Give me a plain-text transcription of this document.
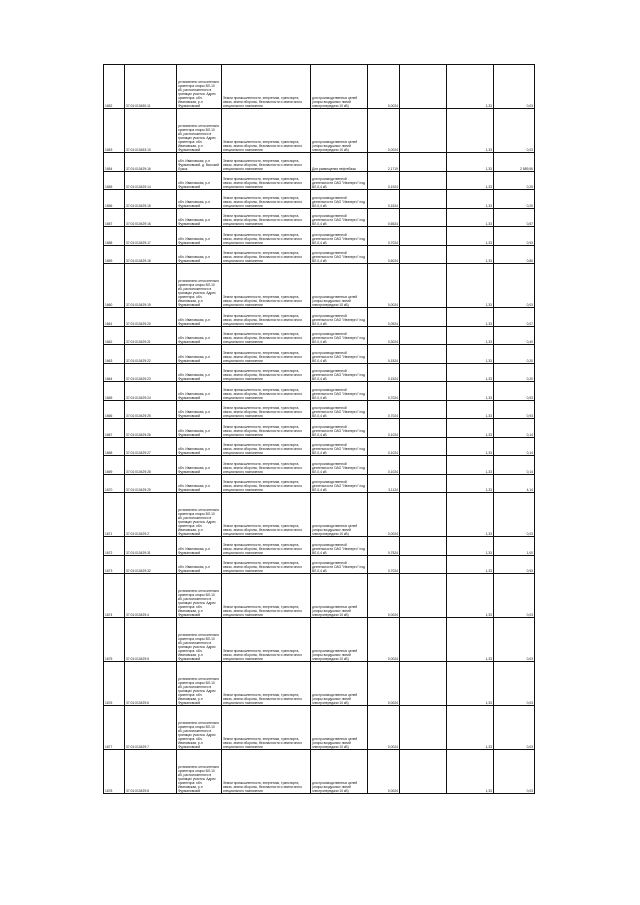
1652	37:01:010450:11	установлено относительно ориентира опоры ВЛ-10 кВ, расположенного в границах участка. Адрес ориентира: обл. Ивановская, р-н Фурмановский	Земли промышленности, энергетики, транспорта, связи, земли обороны, безопасности и земли иного специального назначения	для производственных целей (опоры воздушных линий электропередачи 10 кВ)	0,0024		1,33	0,03
1653	37:01:010453:10	установлено относительно ориентира опоры ВЛ-10 кВ, расположенного в границах участка. Адрес ориентира: обл. Ивановская, р-н Фурмановский	Земли промышленности, энергетики, транспорта, связи, земли обороны, безопасности и земли иного специального назначения	для производственных целей (опоры воздушных линий электропередачи 10 кВ)	0,0024		1,33	0,03
1654	37:01:010429:16	обл. Ивановская, р-н Фурмановский, д. Высокий Лужок	Земли промышленности, энергетики, транспорта, связи, земли обороны, безопасности и земли иного специального назначения	Для размещения нефтебазы	2,1719		1,33	2 889,56
1655	37:01:010429:14	обл. Ивановская, р-н Фурмановский	Земли промышленности, энергетики, транспорта, связи, земли обороны, безопасности и земли иного специального назначения	для производственной деятельности ОАО "Ивэнерго" под ВЛ-0,4 кВ	0,1924		1,33	0,25
1656	37:01:010429:15	обл. Ивановская, р-н Фурмановский	Земли промышленности, энергетики, транспорта, связи, земли обороны, безопасности и земли иного специального назначения	для производственной деятельности ОАО "Ивэнерго" под ВЛ-0,4 кВ	0,1524		1,33	0,20
1657	37:01:010429:16	обл. Ивановская, р-н Фурмановский	Земли промышленности, энергетики, транспорта, связи, земли обороны, безопасности и земли иного специального назначения	для производственной деятельности ОАО "Ивэнерго" под ВЛ-0,4 кВ	0,6524		1,33	0,87
1658	37:01:010429:17	обл. Ивановская, р-н Фурмановский	Земли промышленности, энергетики, транспорта, связи, земли обороны, безопасности и земли иного специального назначения	для производственной деятельности ОАО "Ивэнерго" под ВЛ-0,4 кВ	0,7024		1,33	0,93
1659	37:01:010429:18	обл. Ивановская, р-н Фурмановский	Земли промышленности, энергетики, транспорта, связи, земли обороны, безопасности и земли иного специального назначения	для производственной деятельности ОАО "Ивэнерго" под ВЛ-0,4 кВ	0,6024		1,33	0,80
1660	37:01:010429:19	установлено относительно ориентира опоры ВЛ-10 кВ, расположенного в границах участка. Адрес ориентира: обл. Ивановская, р-н Фурмановский	Земли промышленности, энергетики, транспорта, связи, земли обороны, безопасности и земли иного специального назначения	для производственных целей (опоры воздушных линий электропередачи 10 кВ)	0,0024		1,33	0,03
1661	37:01:010429:20	обл. Ивановская, р-н Фурмановский	Земли промышленности, энергетики, транспорта, связи, земли обороны, безопасности и земли иного специального назначения	для производственной деятельности ОАО "Ивэнерго" под ВЛ-0,4 кВ	0,0524		1,33	0,07
1662	37:01:010429:21	обл. Ивановская, р-н Фурмановский	Земли промышленности, энергетики, транспорта, связи, земли обороны, безопасности и земли иного специального назначения	для производственной деятельности ОАО "Ивэнерго" под ВЛ-0,4 кВ	0,3024		1,33	0,40
1663	37:01:010429:22	обл. Ивановская, р-н Фурмановский	Земли промышленности, энергетики, транспорта, связи, земли обороны, безопасности и земли иного специального назначения	для производственной деятельности ОАО "Ивэнерго" под ВЛ-0,4 кВ	0,1524		1,33	0,20
1664	37:01:010429:23	обл. Ивановская, р-н Фурмановский	Земли промышленности, энергетики, транспорта, связи, земли обороны, безопасности и земли иного специального назначения	для производственной деятельности ОАО "Ивэнерго" под ВЛ-0,4 кВ	0,1524		1,33	0,20
1665	37:01:010429:24	обл. Ивановская, р-н Фурмановский	Земли промышленности, энергетики, транспорта, связи, земли обороны, безопасности и земли иного специального назначения	для производственной деятельности ОАО "Ивэнерго" под ВЛ-0,4 кВ	0,7024		1,33	0,93
1666	37:01:010429:25	обл. Ивановская, р-н Фурмановский	Земли промышленности, энергетики, транспорта, связи, земли обороны, безопасности и земли иного специального назначения	для производственной деятельности ОАО "Ивэнерго" под ВЛ-0,4 кВ	0,7024		1,33	0,93
1667	37:01:010429:26	обл. Ивановская, р-н Фурмановский	Земли промышленности, энергетики, транспорта, связи, земли обороны, безопасности и земли иного специального назначения	для производственной деятельности ОАО "Ивэнерго" под ВЛ-0,4 кВ	0,1024		1,33	0,14
1668	37:01:010429:27	обл. Ивановская, р-н Фурмановский	Земли промышленности, энергетики, транспорта, связи, земли обороны, безопасности и земли иного специального назначения	для производственной деятельности ОАО "Ивэнерго" под ВЛ-0,4 кВ	0,1024		1,33	0,14
1669	37:01:010429:28	обл. Ивановская, р-н Фурмановский	Земли промышленности, энергетики, транспорта, связи, земли обороны, безопасности и земли иного специального назначения	для производственной деятельности ОАО "Ивэнерго" под ВЛ-0,4 кВ	0,1024		1,33	0,14
1670	37:01:010429:29	обл. Ивановская, р-н Фурмановский	Земли промышленности, энергетики, транспорта, связи, земли обороны, безопасности и земли иного специального назначения	для производственной деятельности ОАО "Ивэнерго" под ВЛ-0,4 кВ	3,1124		1,33	4,14
1671	37:01:010429:2	установлено относительно ориентира опоры ВЛ-10 кВ, расположенного в границах участка. Адрес ориентира: обл. Ивановская, р-н Фурмановский	Земли промышленности, энергетики, транспорта, связи, земли обороны, безопасности и земли иного специального назначения	для производственных целей (опоры воздушных линий электропередачи 10 кВ)	0,0024		1,33	0,03
1672	37:01:010429:31	обл. Ивановская, р-н Фурмановский	Земли промышленности, энергетики, транспорта, связи, земли обороны, безопасности и земли иного специального назначения	для производственной деятельности ОАО "Ивэнерго" под ВЛ-0,4 кВ	0,7524		1,33	1,00
1673	37:01:010429:32	обл. Ивановская, р-н Фурмановский	Земли промышленности, энергетики, транспорта, связи, земли обороны, безопасности и земли иного специального назначения	для производственной деятельности ОАО "Ивэнерго" под ВЛ-0,4 кВ	0,7024		1,33	0,93
1674	37:01:010429:4	установлено относительно ориентира опоры ВЛ-10 кВ, расположенного в границах участка. Адрес ориентира: обл. Ивановская, р-н Фурмановский	Земли промышленности, энергетики, транспорта, связи, земли обороны, безопасности и земли иного специального назначения	для производственных целей (опоры воздушных линий электропередачи 10 кВ)	0,0024		1,33	0,03
1675	37:01:010429:5	установлено относительно ориентира опоры ВЛ-10 кВ, расположенного в границах участка. Адрес ориентира: обл. Ивановская, р-н Фурмановский	Земли промышленности, энергетики, транспорта, связи, земли обороны, безопасности и земли иного специального назначения	для производственных целей (опоры воздушных линий электропередачи 10 кВ)	0,0024		1,33	0,03
1676	37:01:010429:6	установлено относительно ориентира опоры ВЛ-10 кВ, расположенного в границах участка. Адрес ориентира: обл. Ивановская, р-н Фурмановский	Земли промышленности, энергетики, транспорта, связи, земли обороны, безопасности и земли иного специального назначения	для производственных целей (опоры воздушных линий электропередачи 10 кВ)	0,0024		1,33	0,03
1677	37:01:010429:7	установлено относительно ориентира опоры ВЛ-10 кВ, расположенного в границах участка. Адрес ориентира: обл. Ивановская, р-н Фурмановский	Земли промышленности, энергетики, транспорта, связи, земли обороны, безопасности и земли иного специального назначения	для производственных целей (опоры воздушных линий электропередачи 10 кВ)	0,0024		1,33	0,03
1678	37:01:010429:8	установлено относительно ориентира опоры ВЛ-10 кВ, расположенного в границах участка. Адрес ориентира: обл. Ивановская, р-н Фурмановский	Земли промышленности, энергетики, транспорта, связи, земли обороны, безопасности и земли иного специального назначения	для производственных целей (опоры воздушных линий электропередачи 10 кВ)	0,0024		1,33	0,03
